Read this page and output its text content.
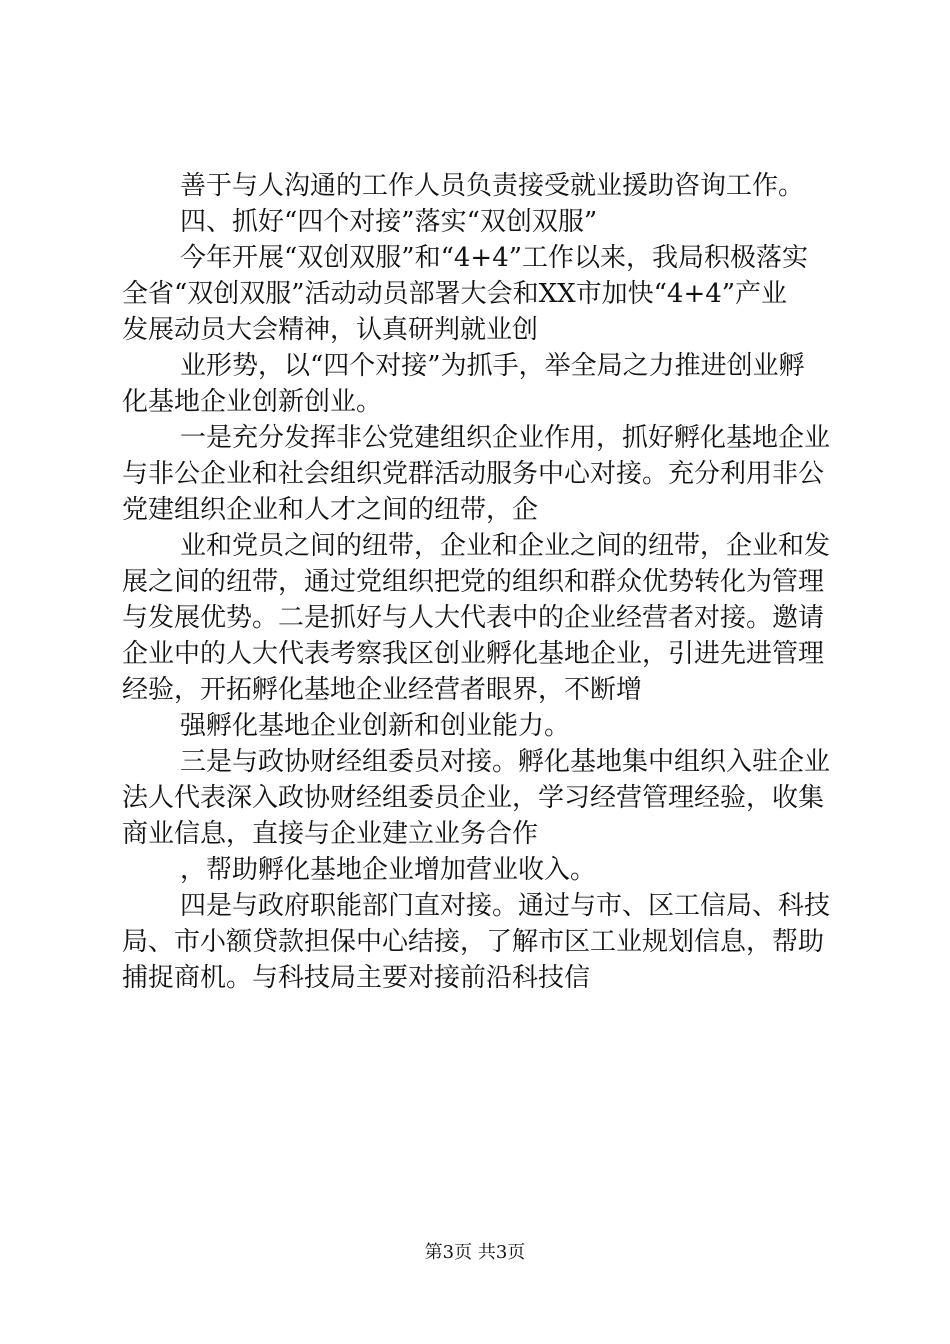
善于与人沟通的工作人员负责接受就业援助咨询工作。
四、抓好“四个对接”落实“双创双服”
今年开展“双创双服”和“4+4”工作以来，我局积极落实
全省“双创双服”活动动员部署大会和XX市加快“4+4”产业
发展动员大会精神，认真研判就业创
业形势，以“四个对接”为抓手，举全局之力推进创业孵
化基地企业创新创业。
一是充分发挥非公党建组织企业作用，抓好孵化基地企业
与非公企业和社会组织党群活动服务中心对接。充分利用非公
党建组织企业和人才之间的纽带，企
业和党员之间的纽带，企业和企业之间的纽带，企业和发
展之间的纽带，通过党组织把党的组织和群众优势转化为管理
与发展优势。二是抓好与人大代表中的企业经营者对接。邀请
企业中的人大代表考察我区创业孵化基地企业，引进先进管理
经验，开拓孵化基地企业经营者眼界，不断增
强孵化基地企业创新和创业能力。
三是与政协财经组委员对接。孵化基地集中组织入驻企业
法人代表深入政协财经组委员企业，学习经营管理经验，收集
商业信息，直接与企业建立业务合作
，帮助孵化基地企业增加营业收入。
四是与政府职能部门直对接。通过与市、区工信局、科技
局、市小额贷款担保中心结接，了解市区工业规划信息，帮助
捕捉商机。与科技局主要对接前沿科技信
第3页 共3页
